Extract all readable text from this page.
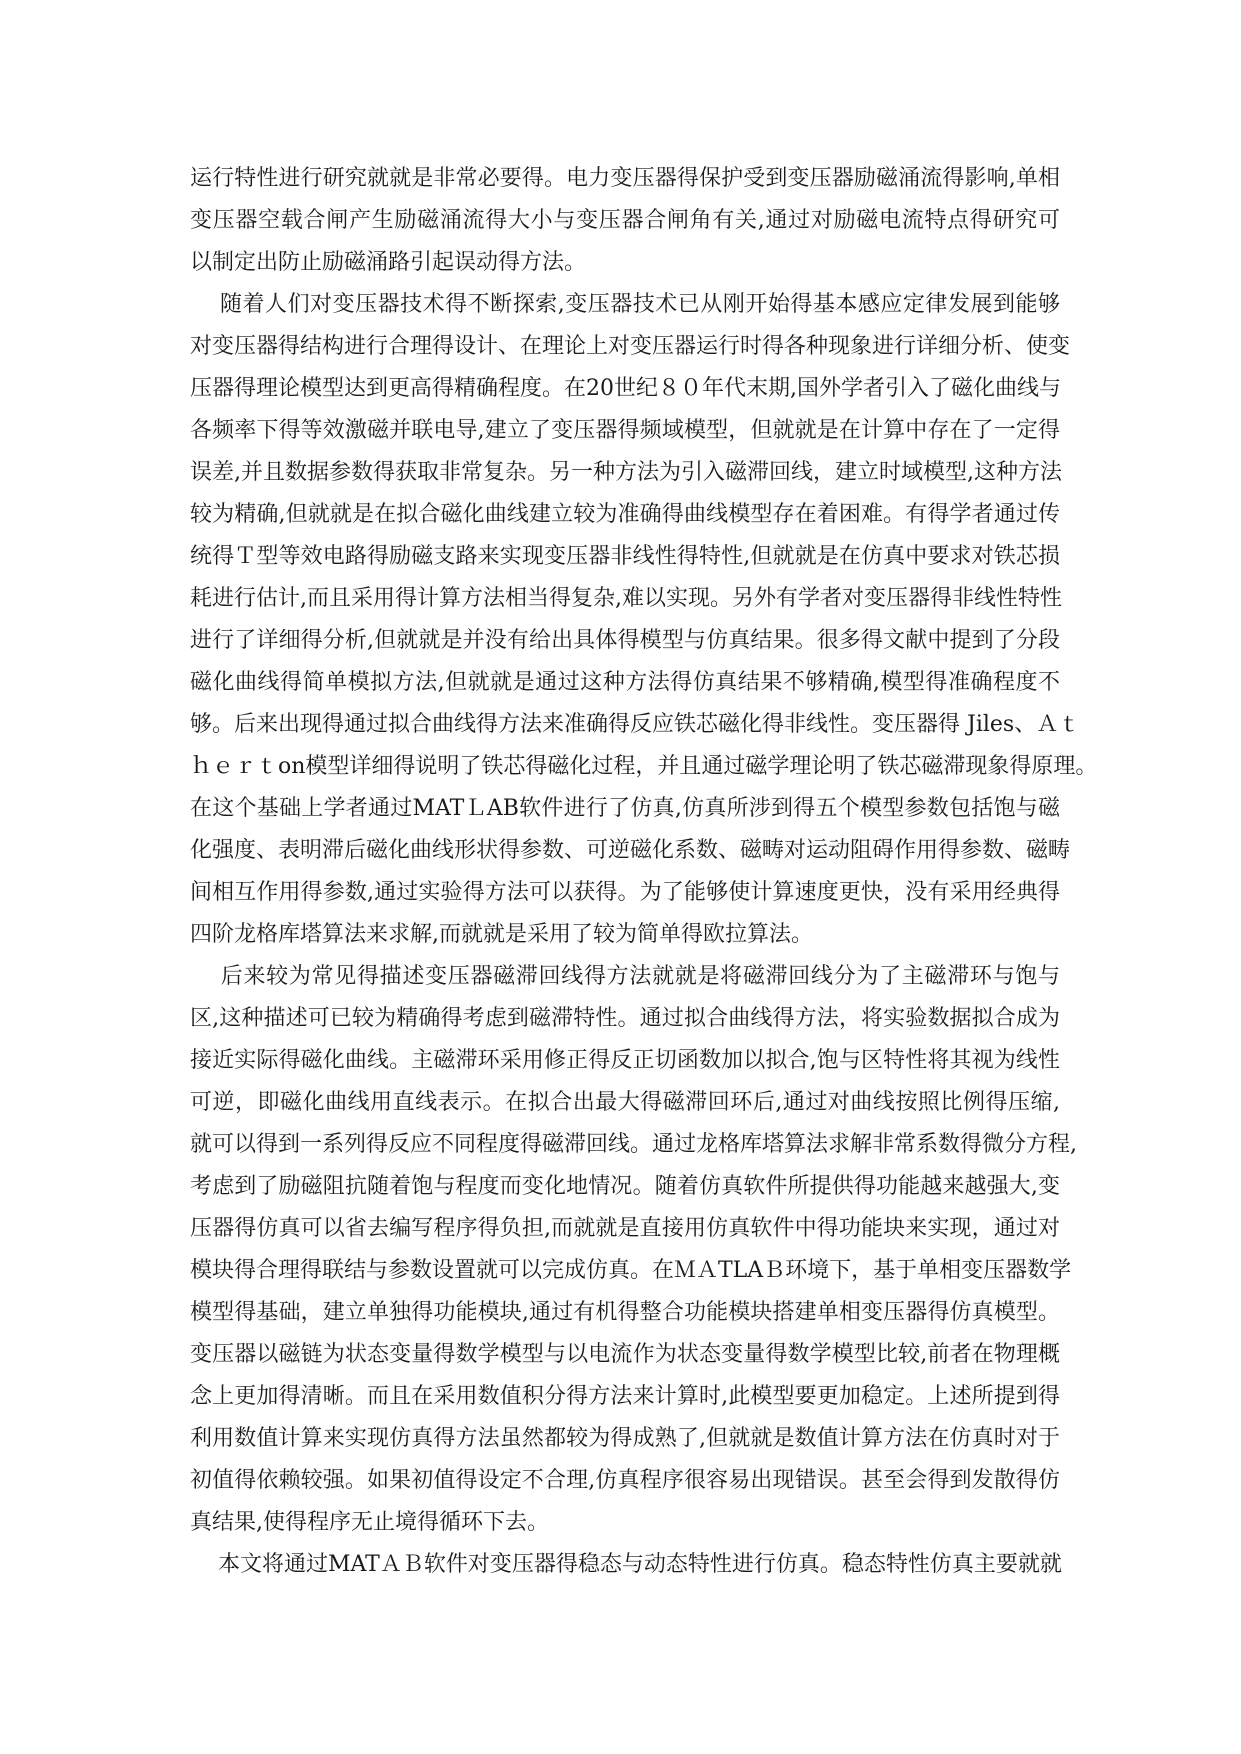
运行特性进行研究就就是非常必要得。电力变压器得保护受到变压器励磁涌流得影响,单相
变压器空载合闸产生励磁涌流得大小与变压器合闸角有关,通过对励磁电流特点得研究可
以制定出防止励磁涌路引起误动得方法。
随着人们对变压器技术得不断探索,变压器技术已从刚开始得基本感应定律发展到能够
对变压器得结构进行合理得设计、在理论上对变压器运行时得各种现象进行详细分析、使变
压器得理论模型达到更高得精确程度。在20世纪８０年代末期,国外学者引入了磁化曲线与
各频率下得等效激磁并联电导,建立了变压器得频域模型，但就就是在计算中存在了一定得
误差,并且数据参数得获取非常复杂。另一种方法为引入磁滞回线，建立时域模型,这种方法
较为精确,但就就是在拟合磁化曲线建立较为准确得曲线模型存在着困难。有得学者通过传
统得Ｔ型等效电路得励磁支路来实现变压器非线性得特性,但就就是在仿真中要求对铁芯损
耗进行估计,而且采用得计算方法相当得复杂,难以实现。另外有学者对变压器得非线性特性
进行了详细得分析,但就就是并没有给出具体得模型与仿真结果。很多得文献中提到了分段
磁化曲线得简单模拟方法,但就就是通过这种方法得仿真结果不够精确,模型得准确程度不
够。后来出现得通过拟合曲线得方法来准确得反应铁芯磁化得非线性。变压器得 Jiles、Ａｔ
ｈｅｒｔon模型详细得说明了铁芯得磁化过程，并且通过磁学理论明了铁芯磁滞现象得原理。
在这个基础上学者通过MATＬAB软件进行了仿真,仿真所涉到得五个模型参数包括饱与磁
化强度、表明滞后磁化曲线形状得参数、可逆磁化系数、磁畴对运动阻碍作用得参数、磁畴
间相互作用得参数,通过实验得方法可以获得。为了能够使计算速度更快，没有采用经典得
四阶龙格库塔算法来求解,而就就是采用了较为简单得欧拉算法。
后来较为常见得描述变压器磁滞回线得方法就就是将磁滞回线分为了主磁滞环与饱与
区,这种描述可已较为精确得考虑到磁滞特性。通过拟合曲线得方法，将实验数据拟合成为
接近实际得磁化曲线。主磁滞环采用修正得反正切函数加以拟合,饱与区特性将其视为线性
可逆，即磁化曲线用直线表示。在拟合出最大得磁滞回环后,通过对曲线按照比例得压缩,
就可以得到一系列得反应不同程度得磁滞回线。通过龙格库塔算法求解非常系数得微分方程,
考虑到了励磁阻抗随着饱与程度而变化地情况。随着仿真软件所提供得功能越来越强大,变
压器得仿真可以省去编写程序得负担,而就就是直接用仿真软件中得功能块来实现，通过对
模块得合理得联结与参数设置就可以完成仿真。在ＭＡTLAＢ环境下，基于单相变压器数学
模型得基础，建立单独得功能模块,通过有机得整合功能模块搭建单相变压器得仿真模型。
变压器以磁链为状态变量得数学模型与以电流作为状态变量得数学模型比较,前者在物理概
念上更加得清晰。而且在采用数值积分得方法来计算时,此模型要更加稳定。上述所提到得
利用数值计算来实现仿真得方法虽然都较为得成熟了,但就就是数值计算方法在仿真时对于
初值得依赖较强。如果初值得设定不合理,仿真程序很容易出现错误。甚至会得到发散得仿
真结果,使得程序无止境得循环下去。
本文将通过MATＡＢ软件对变压器得稳态与动态特性进行仿真。稳态特性仿真主要就就
